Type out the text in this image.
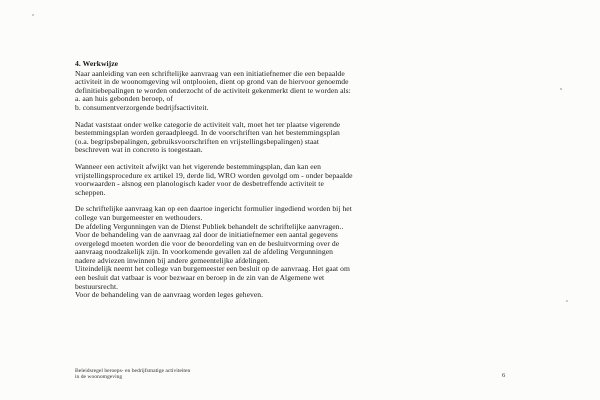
4. Werkwijze
Naar aanleiding van een schriftelijke aanvraag van een initiatiefnemer die een bepaalde
activiteit in de woonomgeving wil ontplooien, dient op grond van de hiervoor genoemde
definitiebepalingen te worden onderzocht of de activiteit gekenmerkt dient te worden als:
a. aan huis gebonden beroep, of
b. consumentverzorgende bedrijfsactiviteit.
Nadat vaststaat onder welke categorie de activiteit valt, moet het ter plaatse vigerende
bestemmingsplan worden geraadpleegd. In de voorschriften van het bestemmingsplan
(o.a. begripsbepalingen, gebruiksvoorschriften en vrijstellingsbepalingen) staat
beschreven wat in concreto is toegestaan.
Wanneer een activiteit afwijkt van het vigerende bestemmingsplan, dan kan een
vrijstellingsprocedure ex artikel 19, derde lid, WRO worden gevolgd om - onder bepaalde
voorwaarden - alsnog een planologisch kader voor de desbetreffende activiteit te
scheppen.
De schriftelijke aanvraag kan op een daartoe ingericht formulier ingediend worden bij het
college van burgemeester en wethouders.
De afdeling Vergunningen van de Dienst Publiek behandelt de schriftelijke aanvragen..
Voor de behandeling van de aanvraag zal door de initiatiefnemer een aantal gegevens
overgelegd moeten worden die voor de beoordeling van en de besluitvorming over de
aanvraag noodzakelijk zijn. In voorkomende gevallen zal de afdeling Vergunningen
nadere adviezen inwinnen bij andere gemeentelijke afdelingen.
Uiteindelijk neemt het college van burgemeester een besluit op de aanvraag. Het gaat om
een besluit dat vatbaar is voor bezwaar en beroep in de zin van de Algemene wet
bestuursrecht.
Voor de behandeling van de aanvraag worden leges geheven.
Beleidsregel beroeps- en bedrijfsmatige activiteiten
in de woonomgeving	6
